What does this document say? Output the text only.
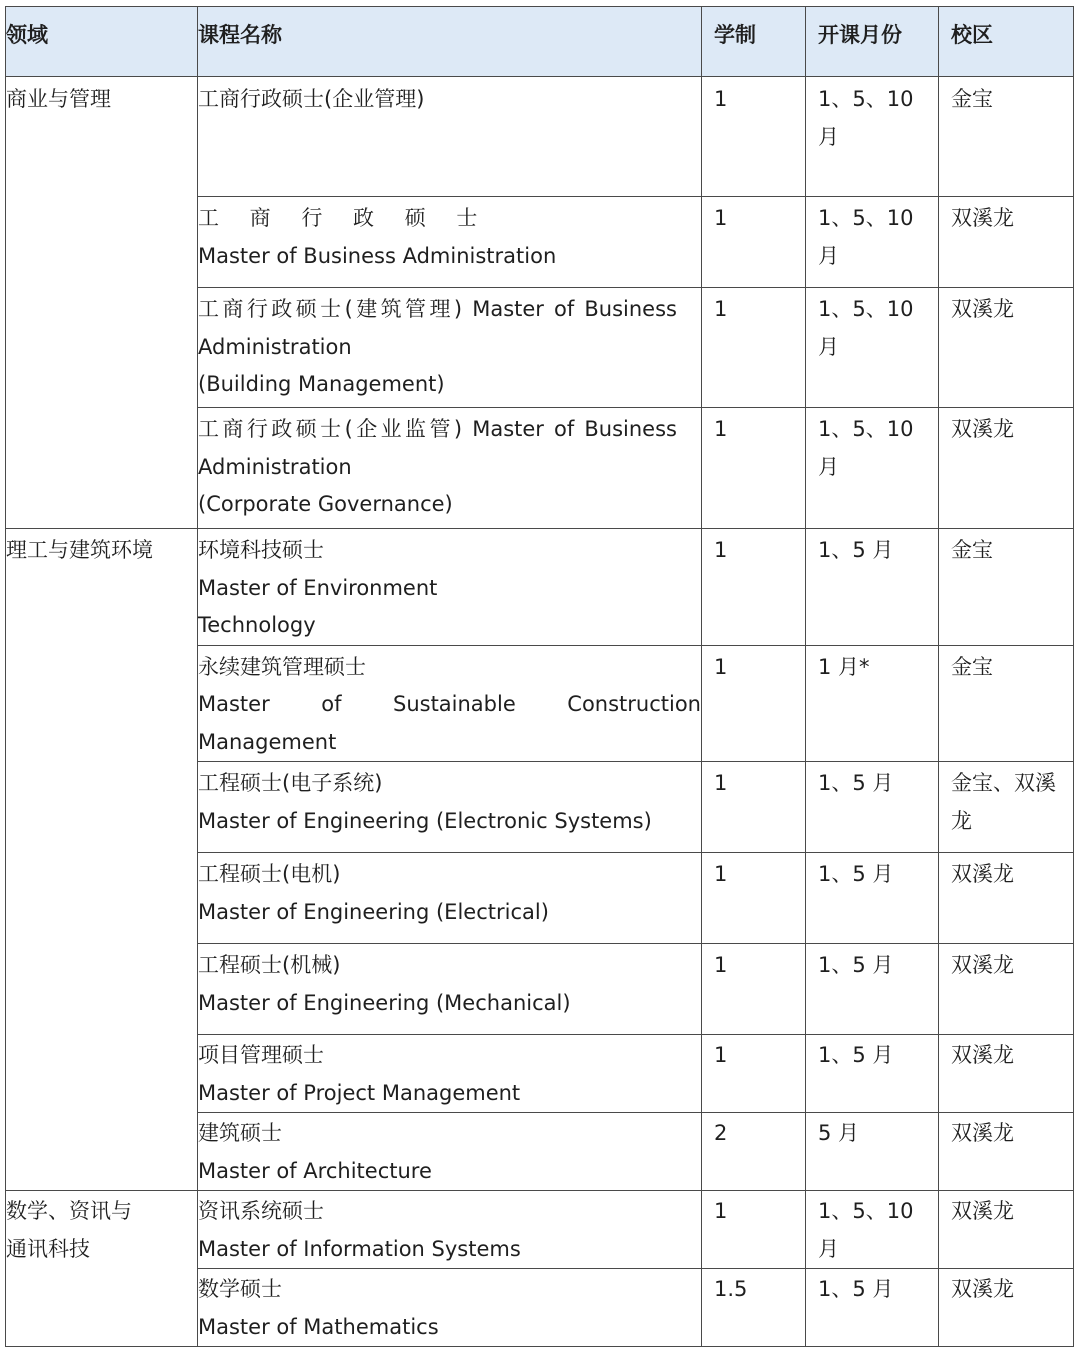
领域	课程名称	学制	开课月份	校区

商业与管理	工商行政硕士(企业管理)	1	1、5、10 月	金宝

	工 商 行 政 硕 士
Master of Business Administration	1	1、5、10 月	双溪龙

	工商行政硕士(建筑管理) Master of Business
Administration
(Building Management)	1	1、5、10 月	双溪龙

	工商行政硕士(企业监管) Master of Business
Administration
(Corporate Governance)	1	1、5、10 月	双溪龙

理工与建筑环境	环境科技硕士
Master of Environment
Technology	1	1、5 月	金宝

	永续建筑管理硕士
Master of Sustainable Construction
Management	1	1 月*	金宝

	工程硕士(电子系统)
Master of Engineering (Electronic Systems)	1	1、5 月	金宝、双溪
龙

	工程硕士(电机)
Master of Engineering (Electrical)	1	1、5 月	双溪龙

	工程硕士(机械)
Master of Engineering (Mechanical)	1	1、5 月	双溪龙

	项目管理硕士
Master of Project Management	1	1、5 月	双溪龙

	建筑硕士
Master of Architecture	2	5 月	双溪龙

数学、资讯与
通讯科技	资讯系统硕士
Master of Information Systems	1	1、5、10 月	双溪龙

	数学硕士
Master of Mathematics	1.5	1、5 月	双溪龙
